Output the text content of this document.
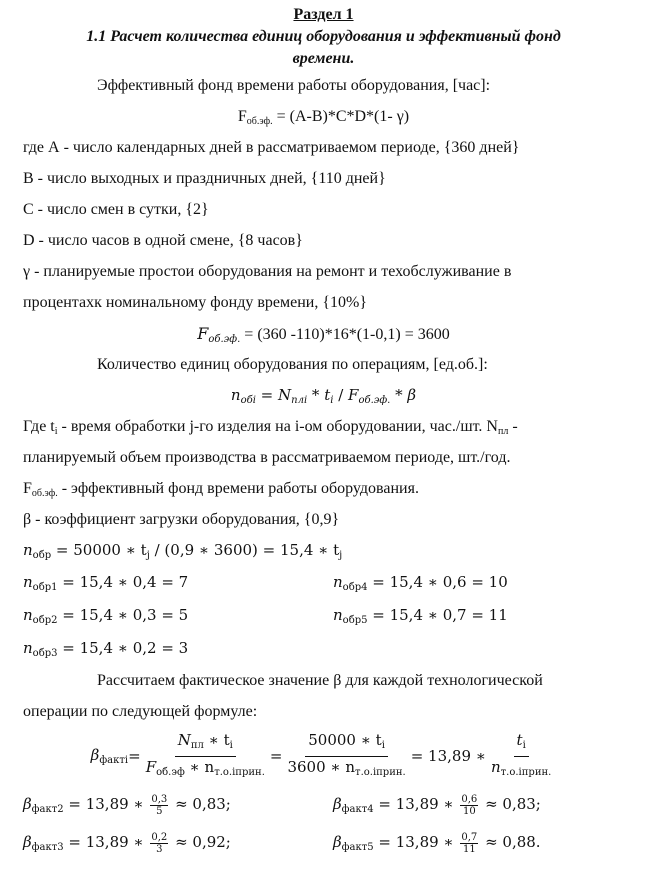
Раздел 1
1.1 Расчет количества единиц оборудования и эффективный фонд
времени.
Эффективный фонд времени работы оборудования, [час]:
$F_{об.эф.} = (A-B)*C*D*(1-$ γ)
где А - число календарных дней в рассматриваемом периоде, {360 дней}
В - число выходных и праздничных дней, {110 дней}
С - число смен в сутки, {2}
D - число часов в одной смене, {8 часов}
γ - планируемые простои оборудования на ремонт и техобслуживание в
процентахк номинальному фонду времени, {10%}
$F_{об.эф.} = (360$ -110)*16*(1-0,1) = 3600
Количество единиц оборудования по операциям, [ед.об.]:
$n_{обi} = N_{плi} * t_i / F_{об.эф.} * \beta$
Где $t_i$ - время обработки j-го изделия на i-ом оборудовании, час./шт. $N_{пл}$ -
планируемый объем производства в рассматриваемом периоде, шт./год.
$F_{об.эф.}$ - эффективный фонд времени работы оборудования.
β - коэффициент загрузки оборудования, {0,9}
$n_{обр} = 50000$ ∗ $t_j / (0,9$ ∗ 3600) = 15,4 ∗ $t_j$
$n_{обр1} = 15,4$ ∗ 0,4 = 7	$n_{обр4} = 15,4$ ∗ 0,6 = 10
$n_{обр2} = 15,4$ ∗ 0,3 = 5	$n_{обр5} = 15,4$ ∗ 0,7 = 11
$n_{обр3} = 15,4$ ∗ 0,2 = 3
Рассчитаем фактическое значение β для каждой технологической
операции по следующей формуле:
$\beta_{фактi} = \frac{N_{пл} ∗ t_i}{F_{об.эф} ∗ n_{т.о.iприн.}} = \frac{50000 ∗ t_i}{3600 ∗ n_{т.о.iприн.}} = 13,89$ ∗ $\frac{t_i}{n_{т.о.iприн.}}$
$\beta_{факт2} = 13,89$ ∗ $\frac{0,3}{5} \approx 0,83$;	$\beta_{факт4} = 13,89$ ∗ $\frac{0,6}{10} \approx 0,83$;
$\beta_{факт3} = 13,89$ ∗ $\frac{0,2}{3} \approx 0,92$;	$\beta_{факт5} = 13,89$ ∗ $\frac{0,7}{11} \approx 0,88$.
